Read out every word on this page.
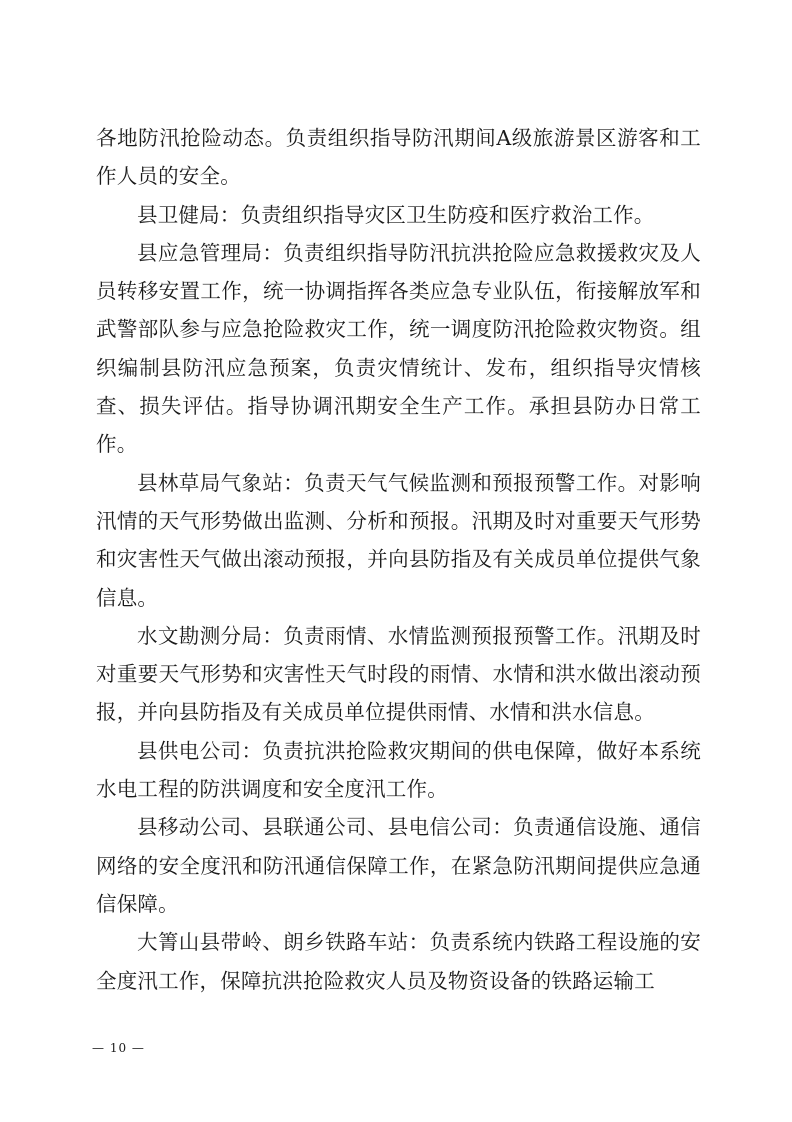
各地防汛抢险动态。负责组织指导防汛期间A级旅游景区游客和工作人员的安全。

县卫健局：负责组织指导灾区卫生防疫和医疗救治工作。

县应急管理局：负责组织指导防汛抗洪抢险应急救援救灾及人员转移安置工作，统一协调指挥各类应急专业队伍，衔接解放军和武警部队参与应急抢险救灾工作，统一调度防汛抢险救灾物资。组织编制县防汛应急预案，负责灾情统计、发布，组织指导灾情核查、损失评估。指导协调汛期安全生产工作。承担县防办日常工作。

县林草局气象站：负责天气气候监测和预报预警工作。对影响汛情的天气形势做出监测、分析和预报。汛期及时对重要天气形势和灾害性天气做出滚动预报，并向县防指及有关成员单位提供气象信息。

水文勘测分局：负责雨情、水情监测预报预警工作。汛期及时对重要天气形势和灾害性天气时段的雨情、水情和洪水做出滚动预报，并向县防指及有关成员单位提供雨情、水情和洪水信息。

县供电公司：负责抗洪抢险救灾期间的供电保障，做好本系统水电工程的防洪调度和安全度汛工作。

县移动公司、县联通公司、县电信公司：负责通信设施、通信网络的安全度汛和防汛通信保障工作，在紧急防汛期间提供应急通信保障。

大箐山县带岭、朗乡铁路车站：负责系统内铁路工程设施的安全度汛工作，保障抗洪抢险救灾人员及物资设备的铁路运输工

— 10 —
